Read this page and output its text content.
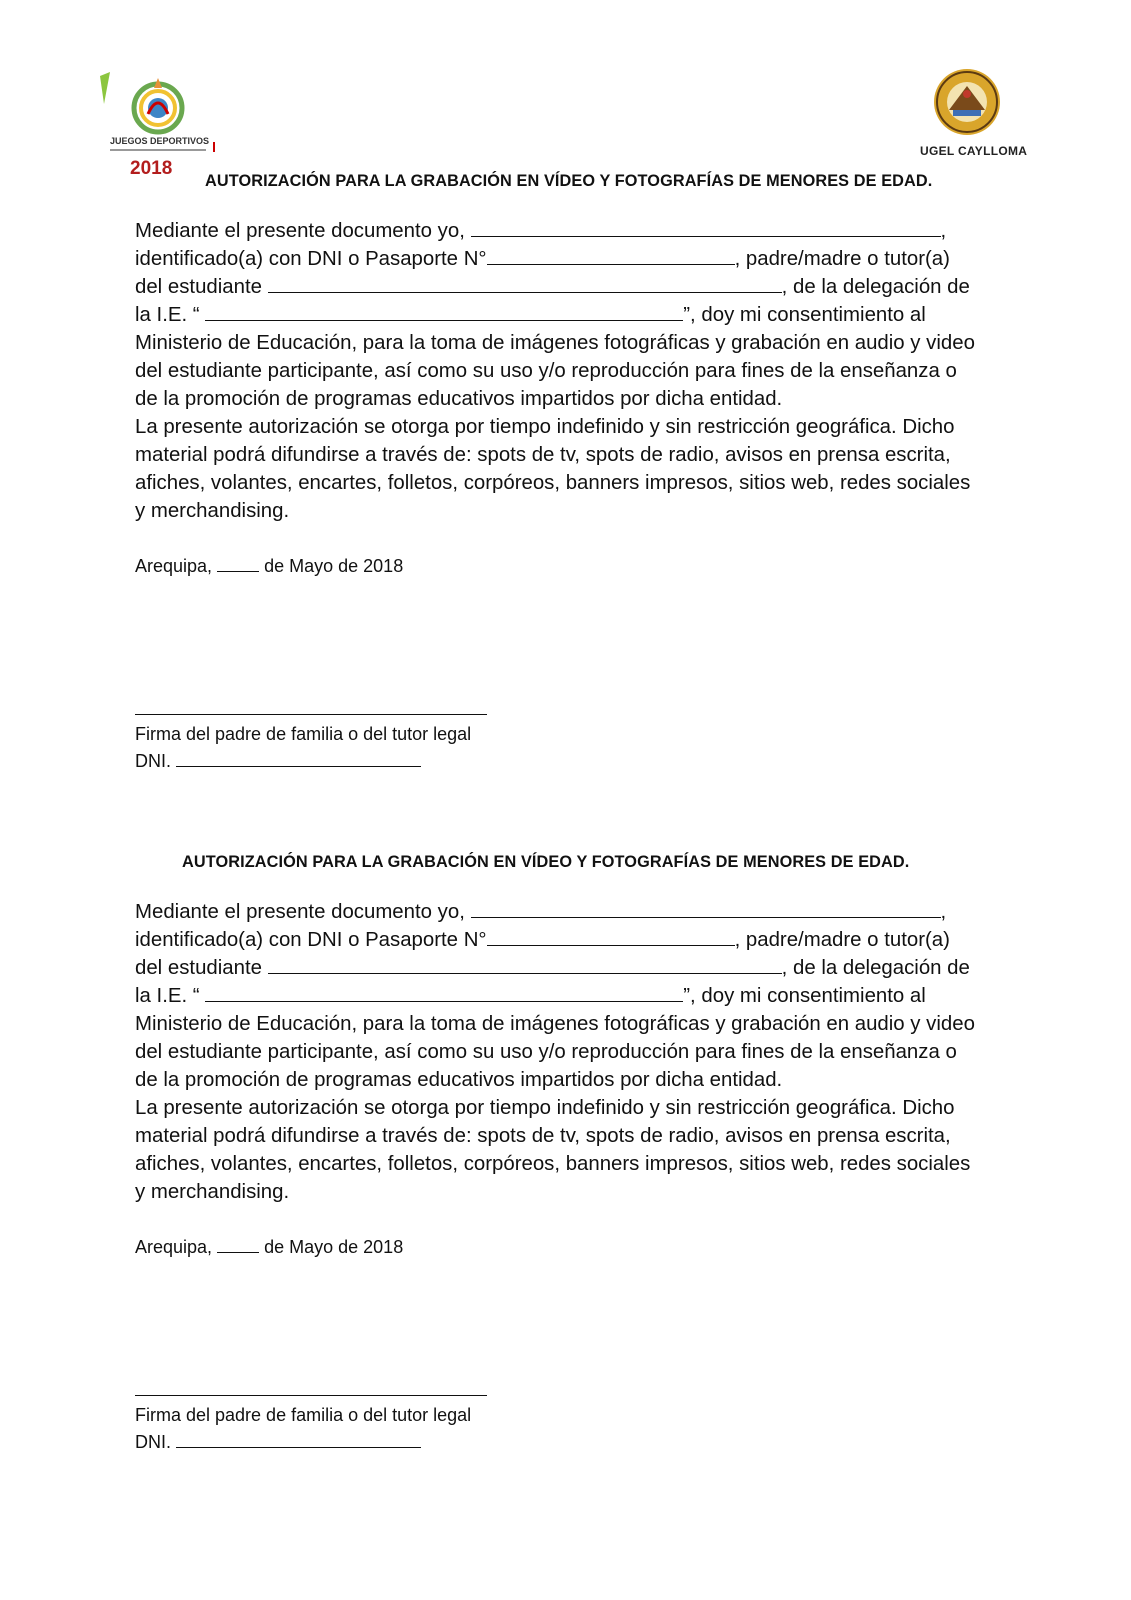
JUEGOS DEPORTIVOS
2018
UGEL CAYLLOMA
AUTORIZACIÓN PARA LA GRABACIÓN EN VÍDEO Y FOTOGRAFÍAS DE MENORES DE EDAD.
Mediante el presente documento yo,	,
identificado(a) con DNI o Pasaporte N°	, padre/madre o tutor(a)
del estudiante	, de la delegación de
la I.E. “	”, doy mi consentimiento al
Ministerio de Educación, para la toma de imágenes fotográficas y grabación en audio y video
del estudiante participante, así como su uso y/o reproducción para fines de la enseñanza o
de la promoción de programas educativos impartidos por dicha entidad.
La presente autorización se otorga por tiempo indefinido y sin restricción geográfica. Dicho
material podrá difundirse a través de: spots de tv, spots de radio, avisos en prensa escrita,
afiches, volantes, encartes, folletos, corpóreos, banners impresos, sitios web, redes sociales
y merchandising.
Arequipa,	de Mayo de 2018
Firma del padre de familia o del tutor legal
DNI.
AUTORIZACIÓN PARA LA GRABACIÓN EN VÍDEO Y FOTOGRAFÍAS DE MENORES DE EDAD.
Mediante el presente documento yo,	,
identificado(a) con DNI o Pasaporte N°	, padre/madre o tutor(a)
del estudiante	, de la delegación de
la I.E. “	”, doy mi consentimiento al
Ministerio de Educación, para la toma de imágenes fotográficas y grabación en audio y video
del estudiante participante, así como su uso y/o reproducción para fines de la enseñanza o
de la promoción de programas educativos impartidos por dicha entidad.
La presente autorización se otorga por tiempo indefinido y sin restricción geográfica. Dicho
material podrá difundirse a través de: spots de tv, spots de radio, avisos en prensa escrita,
afiches, volantes, encartes, folletos, corpóreos, banners impresos, sitios web, redes sociales
y merchandising.
Arequipa,	de Mayo de 2018
Firma del padre de familia o del tutor legal
DNI.
